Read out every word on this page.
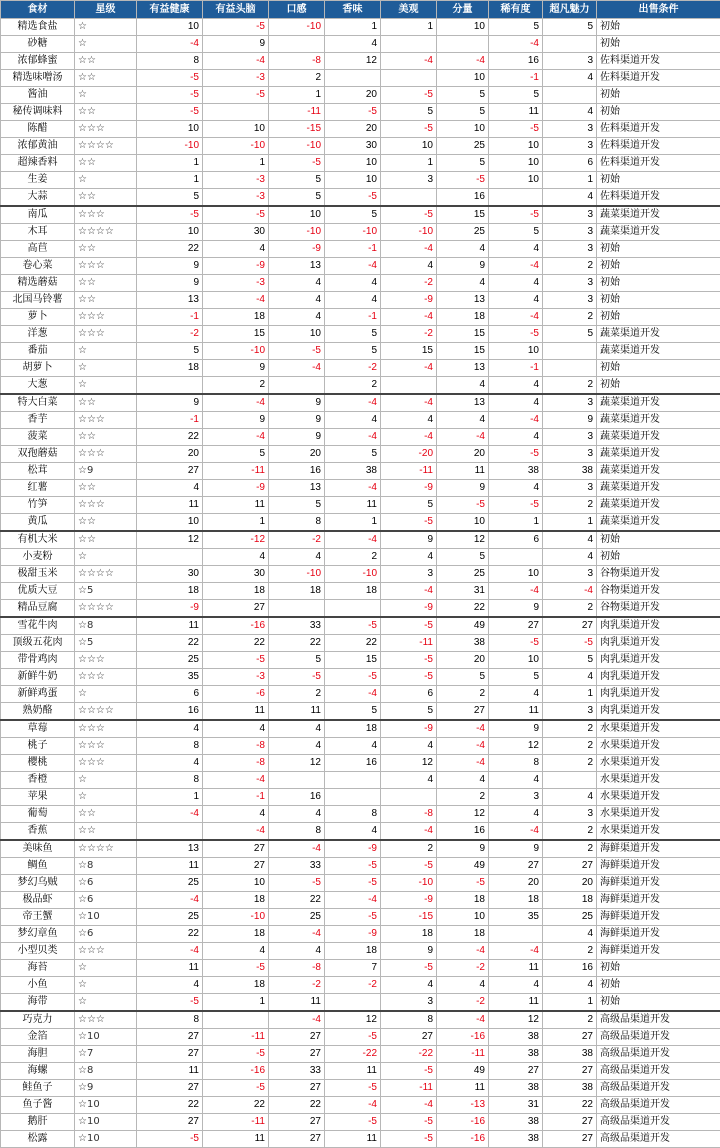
食材	星级	有益健康	有益头脑	口感	香味	美观	分量	稀有度	超凡魅力	出售条件
精选食盐	☆	10	-5	-10	1	1	10	5	5	初始
砂糖	☆	-4	9		4			-4		初始
浓郁蜂蜜	☆☆	8	-4	-8	12	-4	-4	16	3	佐料渠道开发
精选味噌汤	☆☆	-5	-3	2			10	-1	4	佐料渠道开发
酱油	☆	-5	-5	1	20	-5	5	5		初始
秘传调味料	☆☆	-5		-11	-5	5	5	11	4	初始
陈醋	☆☆☆	10	10	-15	20	-5	10	-5	3	佐料渠道开发
浓郁黄油	☆☆☆☆	-10	-10	-10	30	10	25	10	3	佐料渠道开发
超辣香料	☆☆	1	1	-5	10	1	5	10	6	佐料渠道开发
生姜	☆	1	-3	5	10	3	-5	10	1	初始
大蒜	☆☆	5	-3	5	-5		16		4	佐料渠道开发
南瓜	☆☆☆	-5	-5	10	5	-5	15	-5	3	蔬菜渠道开发
木耳	☆☆☆☆	10	30	-10	-10	-10	25	5	3	蔬菜渠道开发
高苣	☆☆	22	4	-9	-1	-4	4	4	3	初始
卷心菜	☆☆☆	9	-9	13	-4	4	9	-4	2	初始
精选蘑菇	☆☆	9	-3	4	4	-2	4	4	3	初始
北国马铃薯	☆☆	13	-4	4	4	-9	13	4	3	初始
萝卜	☆☆☆	-1	18	4	-1	-4	18	-4	2	初始
洋葱	☆☆☆	-2	15	10	5	-2	15	-5	5	蔬菜渠道开发
番茄	☆	5	-10	-5	5	15	15	10		蔬菜渠道开发
胡萝卜	☆	18	9	-4	-2	-4	13	-1		初始
大葱	☆		2		2		4	4	2	初始
特大白菜	☆☆	9	-4	9	-4	-4	13	4	3	蔬菜渠道开发
香芋	☆☆☆	-1	9	9	4	4	4	-4	9	蔬菜渠道开发
菠菜	☆☆	22	-4	9	-4	-4	-4	4	3	蔬菜渠道开发
双孢蘑菇	☆☆☆	20	5	20	5	-20	20	-5	3	蔬菜渠道开发
松茸	☆9	27	-11	16	38	-11	11	38	38	蔬菜渠道开发
红薯	☆☆	4	-9	13	-4	-9	9	4	3	蔬菜渠道开发
竹笋	☆☆☆	11	11	5	11	5	-5	-5	2	蔬菜渠道开发
黄瓜	☆☆	10	1	8	1	-5	10	1	1	蔬菜渠道开发
有机大米	☆☆	12	-12	-2	-4	9	12	6	4	初始
小麦粉	☆		4	4	2	4	5		4	初始
极甜玉米	☆☆☆☆	30	30	-10	-10	3	25	10	3	谷物渠道开发
优质大豆	☆5	18	18	18	18	-4	31	-4	-4	谷物渠道开发
精品豆腐	☆☆☆☆	-9	27			-9	22	9	2	谷物渠道开发
雪花牛肉	☆8	11	-16	33	-5	-5	49	27	27	肉乳渠道开发
顶级五花肉	☆5	22	22	22	22	-11	38	-5	-5	肉乳渠道开发
带骨鸡肉	☆☆☆	25	-5	5	15	-5	20	10	5	肉乳渠道开发
新鲜牛奶	☆☆☆	35	-3	-5	-5	-5	5	5	4	肉乳渠道开发
新鲜鸡蛋	☆	6	-6	2	-4	6	2	4	1	肉乳渠道开发
熟奶酪	☆☆☆☆	16	11	11	5	5	27	11	3	肉乳渠道开发
草莓	☆☆☆	4	4	4	18	-9	-4	9	2	水果渠道开发
桃子	☆☆☆	8	-8	4	4	4	-4	12	2	水果渠道开发
樱桃	☆☆☆	4	-8	12	16	12	-4	8	2	水果渠道开发
香橙	☆	8	-4			4	4	4		水果渠道开发
苹果	☆	1	-1	16			2	3	4	水果渠道开发
葡萄	☆☆	-4	4	4	8	-8	12	4	3	水果渠道开发
香蕉	☆☆		-4	8	4	-4	16	-4	2	水果渠道开发
美味鱼	☆☆☆☆	13	27	-4	-9	2	9	9	2	海鲜渠道开发
鲷鱼	☆8	11	27	33	-5	-5	49	27	27	海鲜渠道开发
梦幻乌贼	☆6	25	10	-5	-5	-10	-5	20	20	海鲜渠道开发
极品虾	☆6	-4	18	22	-4	-9	18	18	18	海鲜渠道开发
帝王蟹	☆10	25	-10	25	-5	-15	10	35	25	海鲜渠道开发
梦幻章鱼	☆6	22	18	-4	-9	18	18		4	海鲜渠道开发
小型贝类	☆☆☆	-4	4	4	18	9	-4	-4	2	海鲜渠道开发
海苔	☆	11	-5	-8	7	-5	-2	11	16	初始
小鱼	☆	4	18	-2	-2	4	4	4	4	初始
海带	☆	-5	1	11		3	-2	11	1	初始
巧克力	☆☆☆	8		-4	12	8	-4	12	2	高级品渠道开发
金箔	☆10	27	-11	27	-5	27	-16	38	27	高级品渠道开发
海胆	☆7	27	-5	27	-22	-22	-11	38	38	高级品渠道开发
海螺	☆8	11	-16	33	11	-5	49	27	27	高级品渠道开发
鲑鱼子	☆9	27	-5	27	-5	-11	11	38	38	高级品渠道开发
鱼子酱	☆10	22	22	22	-4	-4	-13	31	22	高级品渠道开发
鹅肝	☆10	27	-11	27	-5	-5	-16	38	27	高级品渠道开发
松露	☆10	-5	11	27	11	-5	-16	38	27	高级品渠道开发
